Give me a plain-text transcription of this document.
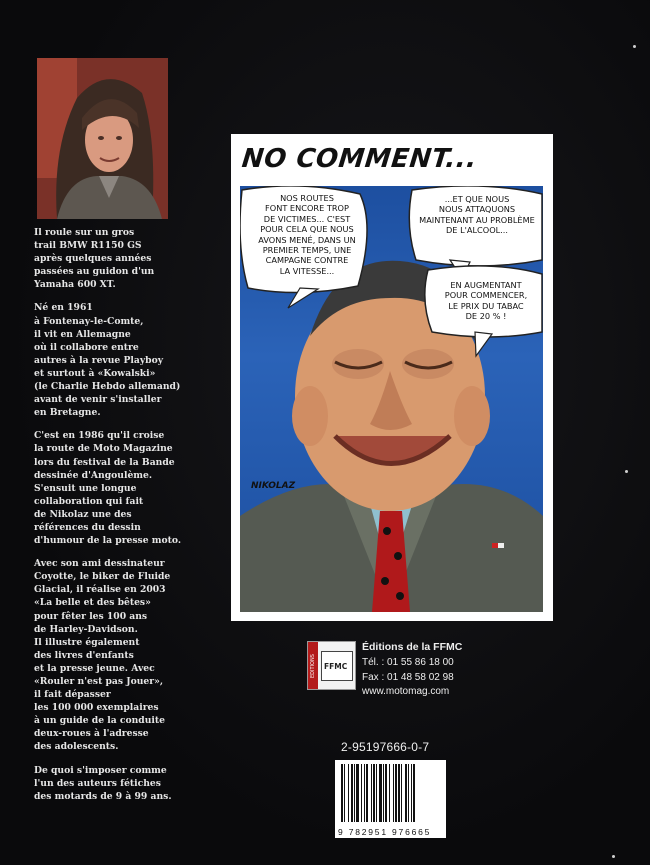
Il roule sur un gros
trail BMW R1150 GS
après quelques années
passées au guidon d'un
Yamaha 600 XT.

Né en 1961
à Fontenay-le-Comte,
il vit en Allemagne
où il collabore entre
autres à la revue Playboy
et surtout à «Kowalski»
(le Charlie Hebdo allemand)
avant de venir s'installer
en Bretagne.

C'est en 1986 qu'il croise
la route de Moto Magazine
lors du festival de la Bande
dessinée d'Angoulème.
S'ensuit une longue
collaboration qui fait
de Nikolaz une des
références du dessin
d'humour de la presse moto.

Avec son ami dessinateur
Coyotte, le biker de Fluide
Glacial, il réalise en 2003
«La belle et des bêtes»
pour fêter les 100 ans
de Harley-Davidson.
Il illustre également
des livres d'enfants
et la presse jeune. Avec
«Rouler n'est pas Jouer»,
il fait dépasser
les 100 000 exemplaires
à un guide de la conduite
deux-roues à l'adresse
des adolescents.

De quoi s'imposer comme
l'un des auteurs fétiches
des motards de 9 à 99 ans.

NO COMMENT...
NOS ROUTES
FONT ENCORE TROP
DE VICTIMES... C'EST
POUR CELA QUE NOUS
AVONS MENÉ, DANS UN
PREMIER TEMPS, UNE
CAMPAGNE CONTRE
LA VITESSE...
...ET QUE NOUS
NOUS ATTAQUONS
MAINTENANT AU PROBLÈME
DE L'ALCOOL...
EN AUGMENTANT
POUR COMMENCER,
LE PRIX DU TABAC
DE 20 % !
NIKOLAZ
EDITIONS FFMC
Éditions de la FFMC
Tél. : 01 55 86 18 00
Fax : 01 48 58 02 98
www.motomag.com
2-95197666-0-7
9 782951 976665
